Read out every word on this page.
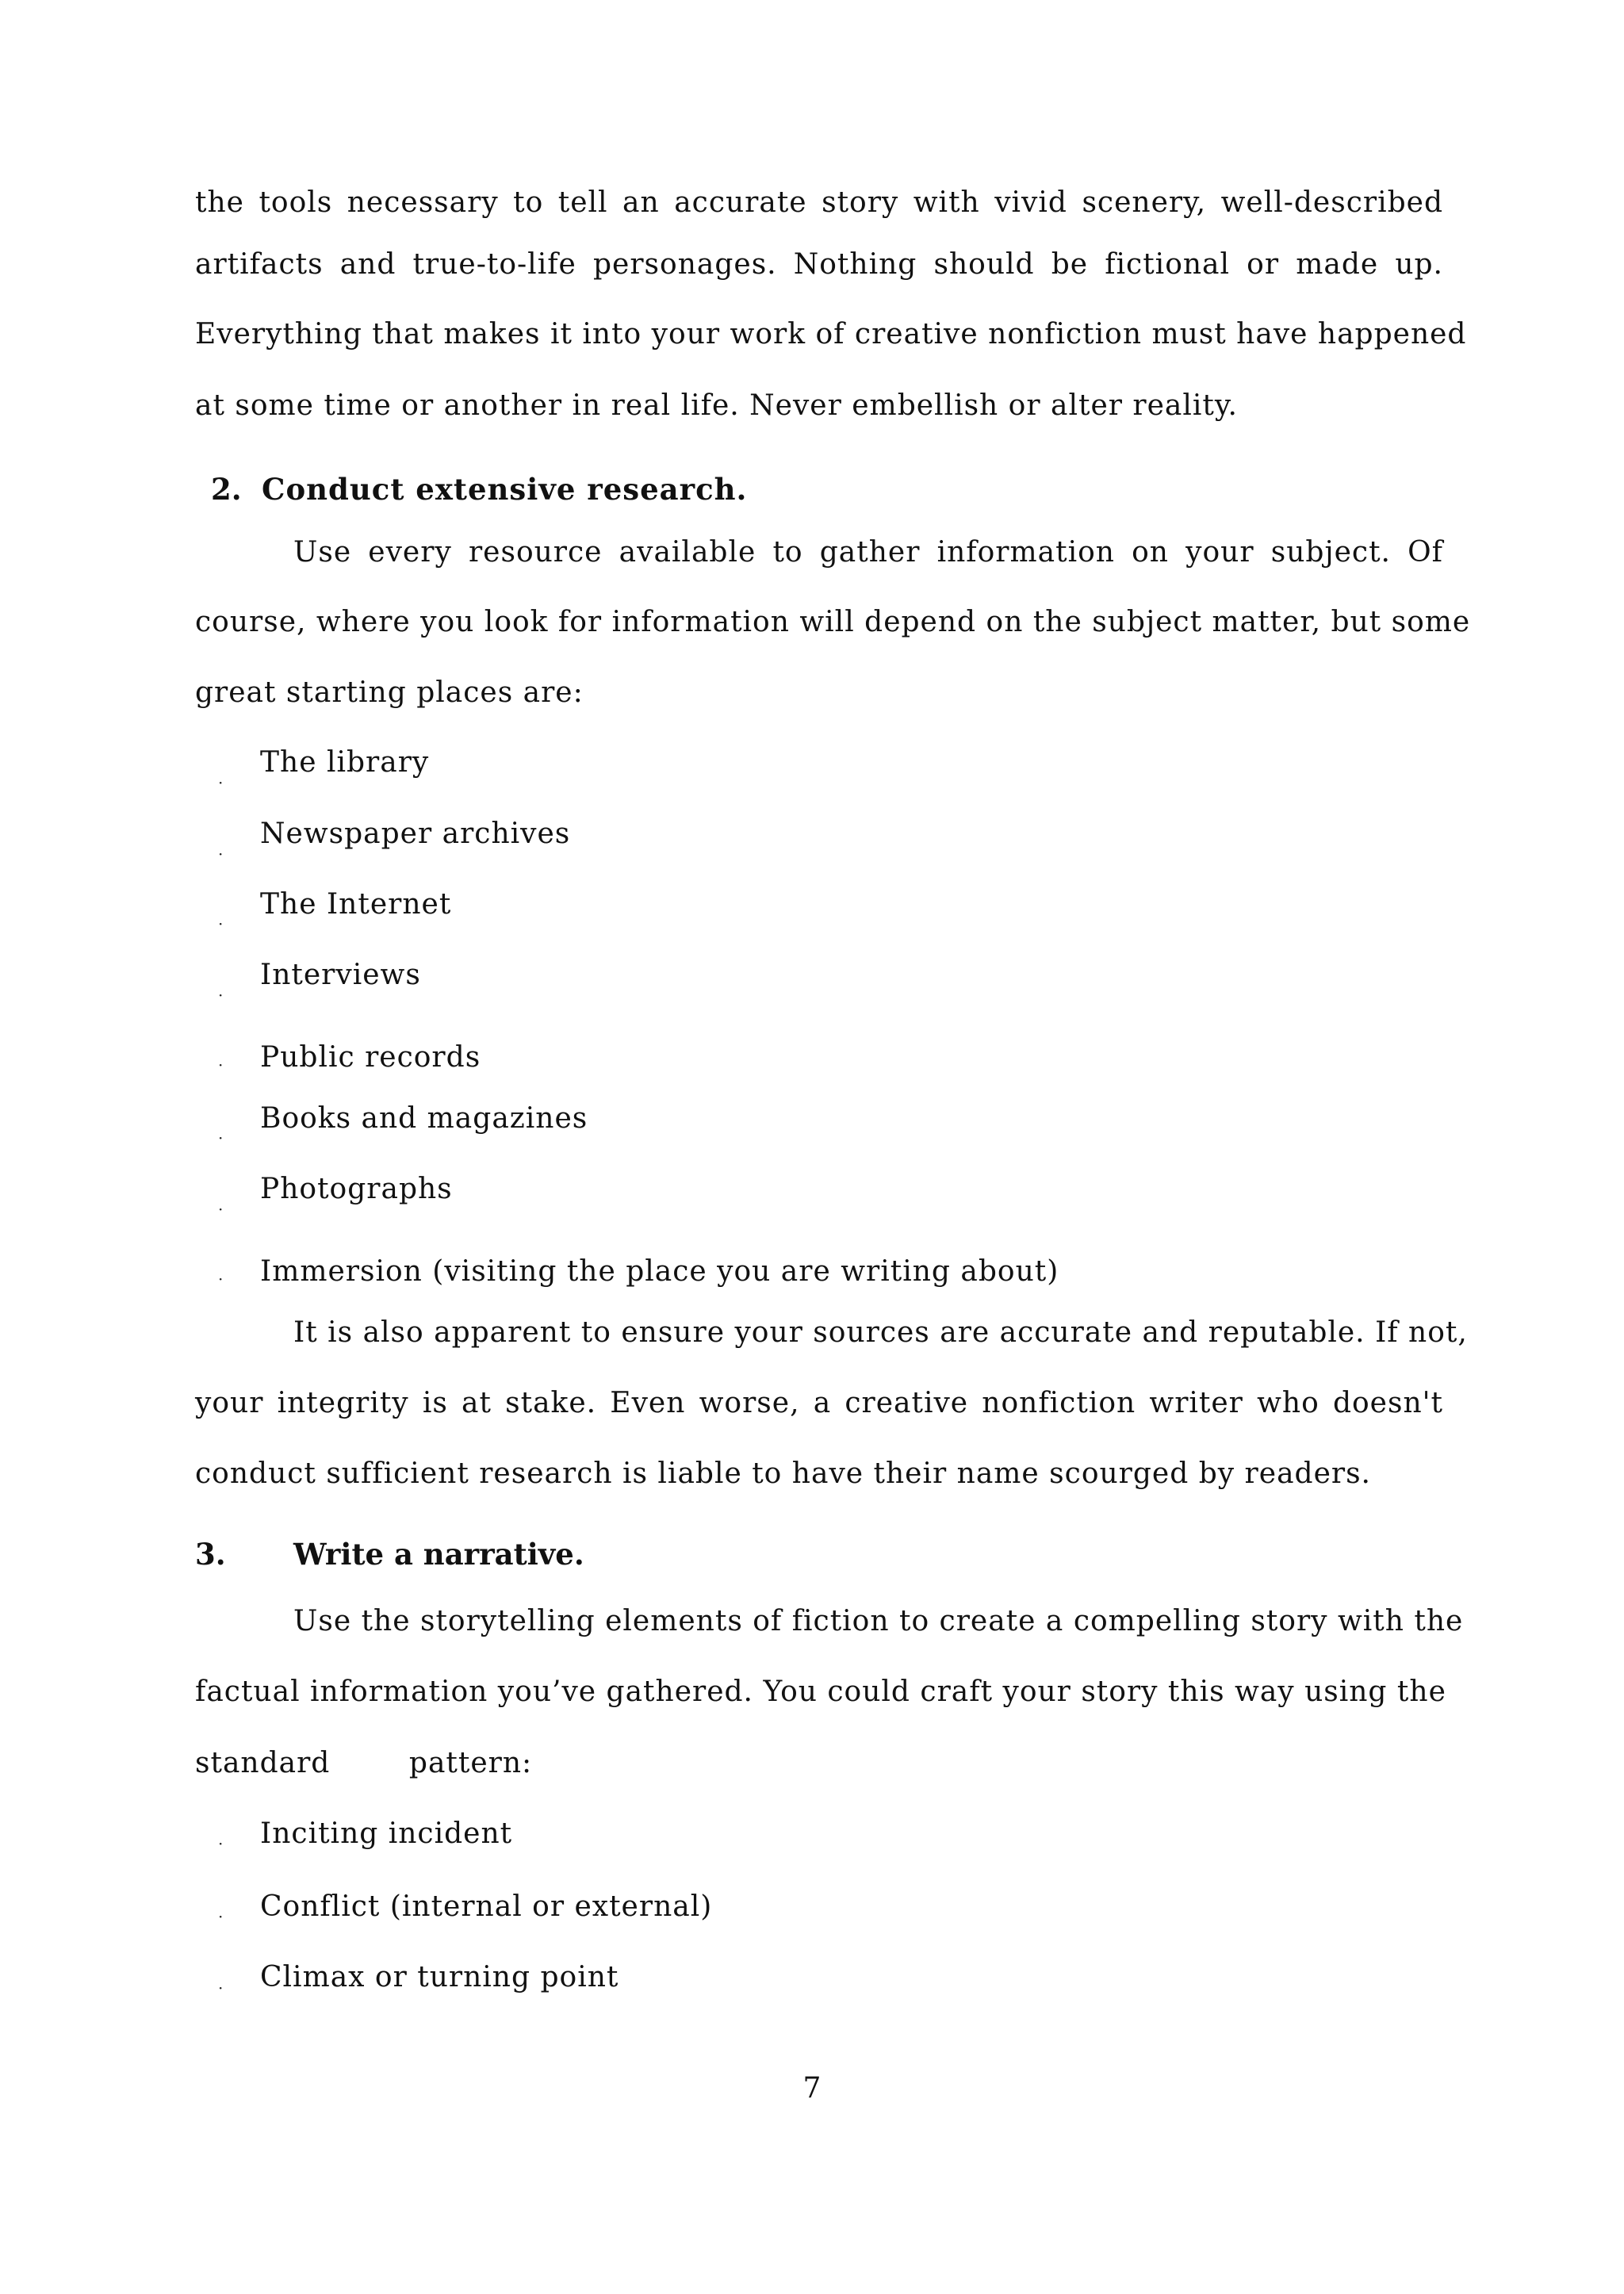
the tools necessary to tell an accurate story with vivid scenery, well-described
artifacts and true-to-life personages. Nothing should be fictional or made up.
Everything that makes it into your work of creative nonfiction must have happened
at some time or another in real life. Never embellish or alter reality.
2. Conduct extensive research.
Use every resource available to gather information on your subject. Of
course, where you look for information will depend on the subject matter, but some
great starting places are:
·
The library
·
Newspaper archives
·
The Internet
·
Interviews
· Public records
·
Books and magazines
·
Photographs
· Immersion (visiting the place you are writing about)
It is also apparent to ensure your sources are accurate and reputable. If not,
your integrity is at stake. Even worse, a creative nonfiction writer who doesn't
conduct sufficient research is liable to have their name scourged by readers.
3. Write a narrative.
Use the storytelling elements of fiction to create a compelling story with the
factual information you’ve gathered. You could craft your story this way using the
standard        pattern:
· Inciting incident
· Conflict (internal or external)
· Climax or turning point
7
